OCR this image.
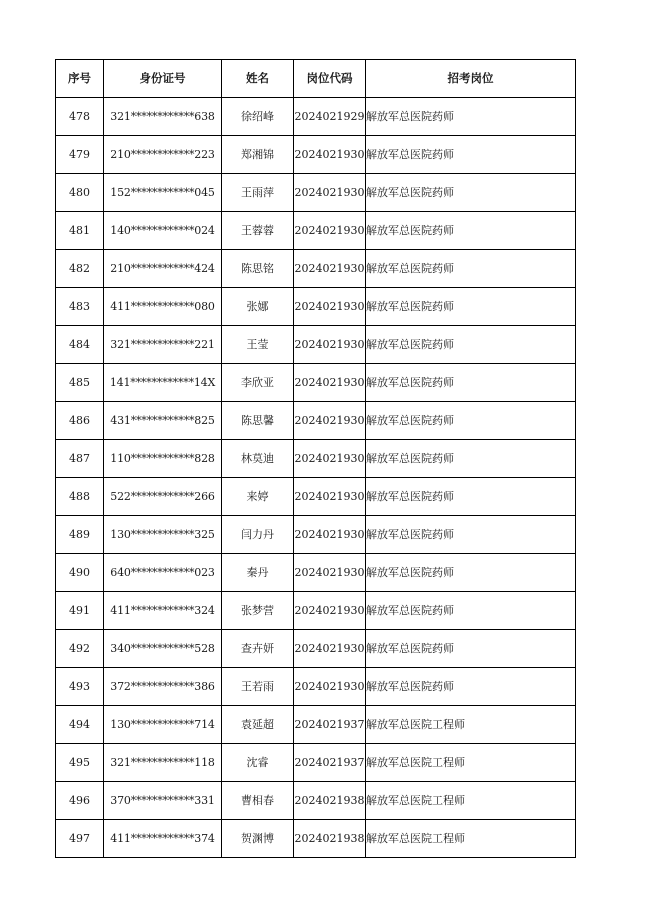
序号	身份证号	姓名	岗位代码	招考岗位
478	321************638	徐绍峰	2024021929	解放军总医院药师
479	210************223	郑湘锦	2024021930	解放军总医院药师
480	152************045	王雨萍	2024021930	解放军总医院药师
481	140************024	王蓉蓉	2024021930	解放军总医院药师
482	210************424	陈思铭	2024021930	解放军总医院药师
483	411************080	张娜	2024021930	解放军总医院药师
484	321************221	王莹	2024021930	解放军总医院药师
485	141************14X	李欣亚	2024021930	解放军总医院药师
486	431************825	陈思馨	2024021930	解放军总医院药师
487	110************828	林莫迪	2024021930	解放军总医院药师
488	522************266	来婷	2024021930	解放军总医院药师
489	130************325	闫力丹	2024021930	解放军总医院药师
490	640************023	秦丹	2024021930	解放军总医院药师
491	411************324	张梦营	2024021930	解放军总医院药师
492	340************528	查卉妍	2024021930	解放军总医院药师
493	372************386	王若雨	2024021930	解放军总医院药师
494	130************714	袁延超	2024021937	解放军总医院工程师
495	321************118	沈睿	2024021937	解放军总医院工程师
496	370************331	曹相春	2024021938	解放军总医院工程师
497	411************374	贺渊博	2024021938	解放军总医院工程师
